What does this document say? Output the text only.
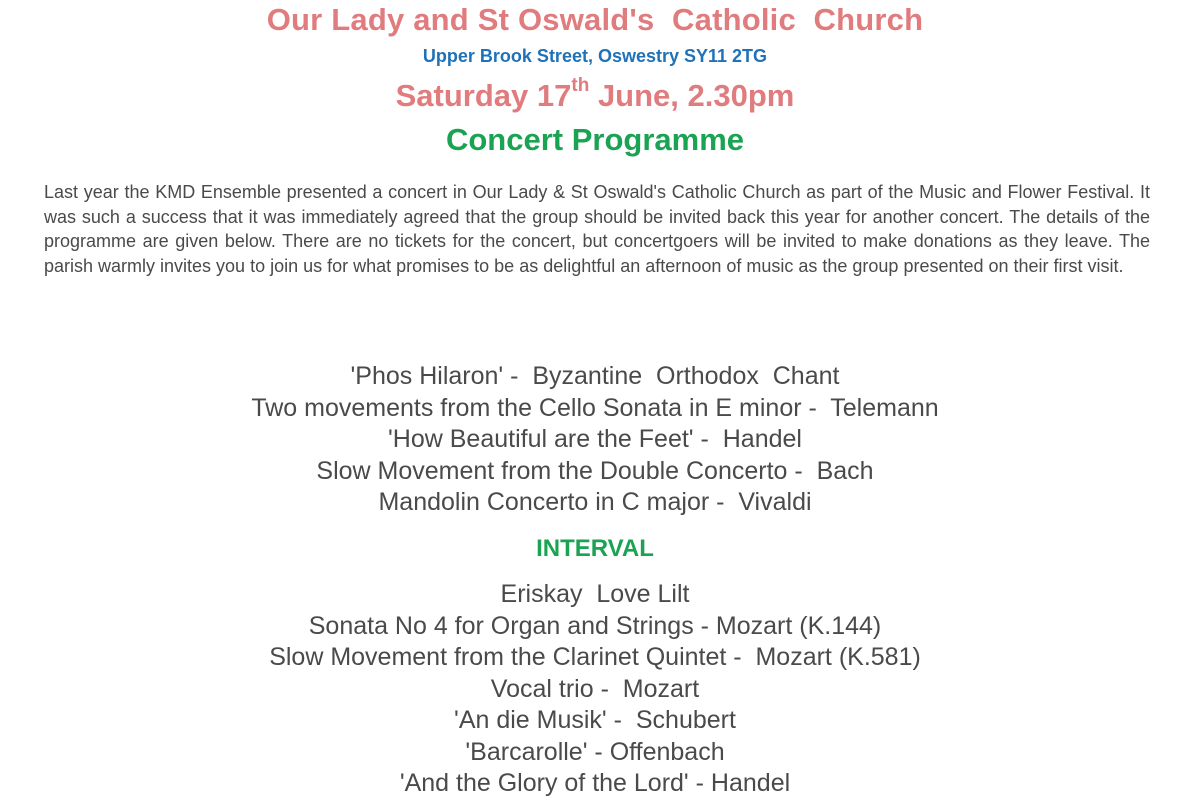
Our Lady and St Oswald's  Catholic  Church
Upper Brook Street, Oswestry SY11 2TG
Saturday 17th June, 2.30pm
Concert Programme

Last year the KMD Ensemble presented a concert in Our Lady & St Oswald's Catholic Church as part of the Music and Flower Festival. It was such a success that it was immediately agreed that the group should be invited back this year for another concert. The details of the programme are given below. There are no tickets for the concert, but concertgoers will be invited to make donations as they leave. The parish warmly invites you to join us for what promises to be as delightful an afternoon of music as the group presented on their first visit.

'Phos Hilaron' -  Byzantine  Orthodox  Chant
Two movements from the Cello Sonata in E minor -  Telemann
'How Beautiful are the Feet' -  Handel
Slow Movement from the Double Concerto -  Bach
Mandolin Concerto in C major -  Vivaldi
INTERVAL
Eriskay  Love Lilt
Sonata No 4 for Organ and Strings - Mozart (K.144)
Slow Movement from the Clarinet Quintet -  Mozart (K.581)
Vocal trio -  Mozart
'An die Musik' -  Schubert
'Barcarolle' - Offenbach
'And the Glory of the Lord' - Handel
